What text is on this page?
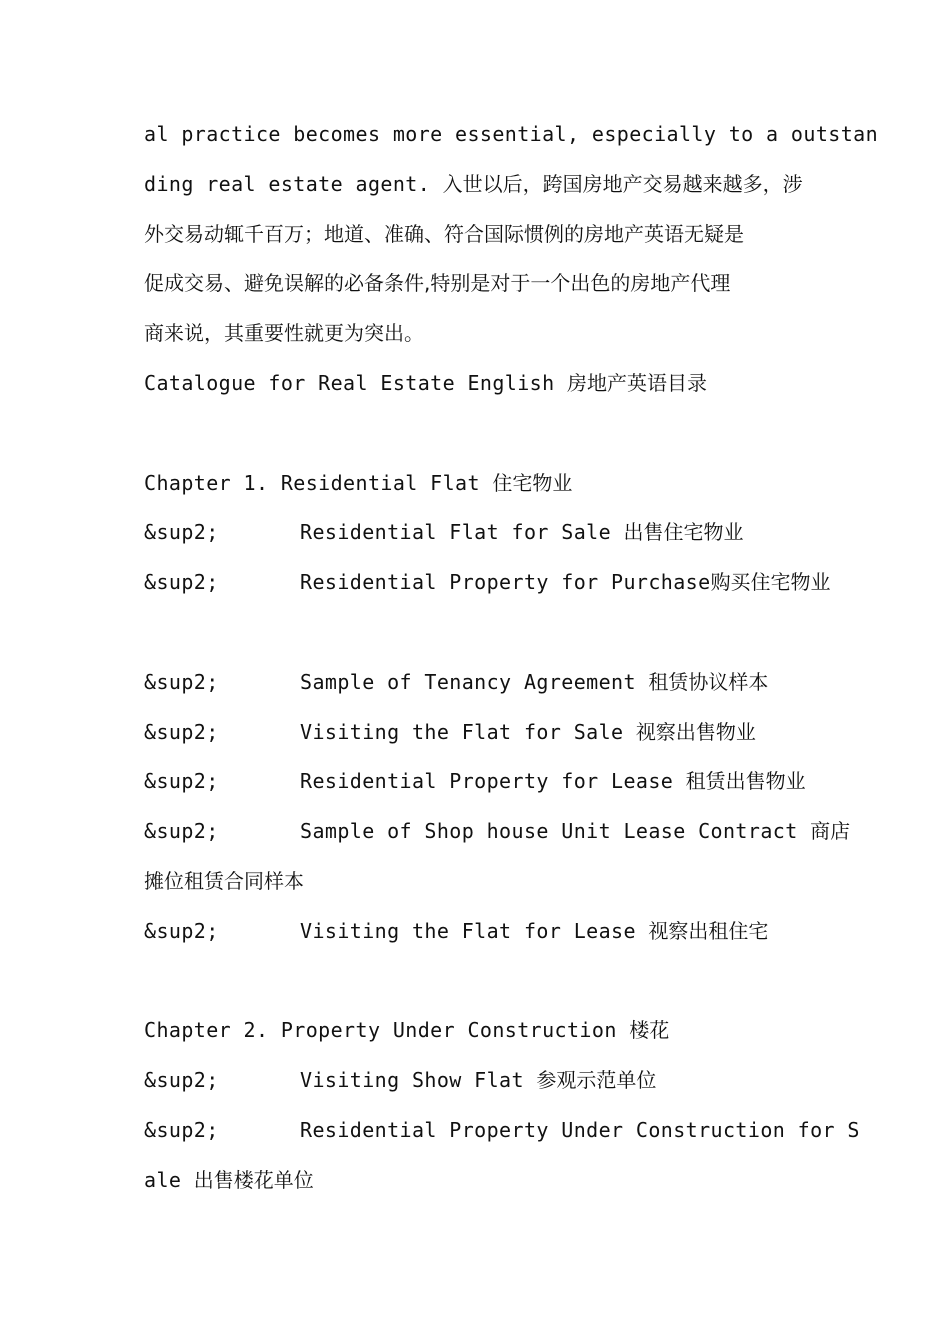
al practice becomes more essential, especially to a outstan
ding real estate agent. 入世以后，跨国房地产交易越来越多，涉
外交易动辄千百万；地道、准确、符合国际惯例的房地产英语无疑是
促成交易、避免误解的必备条件,特别是对于一个出色的房地产代理
商来说，其重要性就更为突出。
Catalogue for Real Estate English 房地产英语目录
Chapter 1. Residential Flat 住宅物业
&sup2;	Residential Flat for Sale 出售住宅物业
&sup2;	Residential Property for Purchase购买住宅物业
&sup2;	Sample of Tenancy Agreement 租赁协议样本
&sup2;	Visiting the Flat for Sale 视察出售物业
&sup2;	Residential Property for Lease 租赁出售物业
&sup2;	Sample of Shop house Unit Lease Contract 商店
摊位租赁合同样本
&sup2;	Visiting the Flat for Lease 视察出租住宅
Chapter 2. Property Under Construction 楼花
&sup2;	Visiting Show Flat 参观示范单位
&sup2;	Residential Property Under Construction for S
ale 出售楼花单位
